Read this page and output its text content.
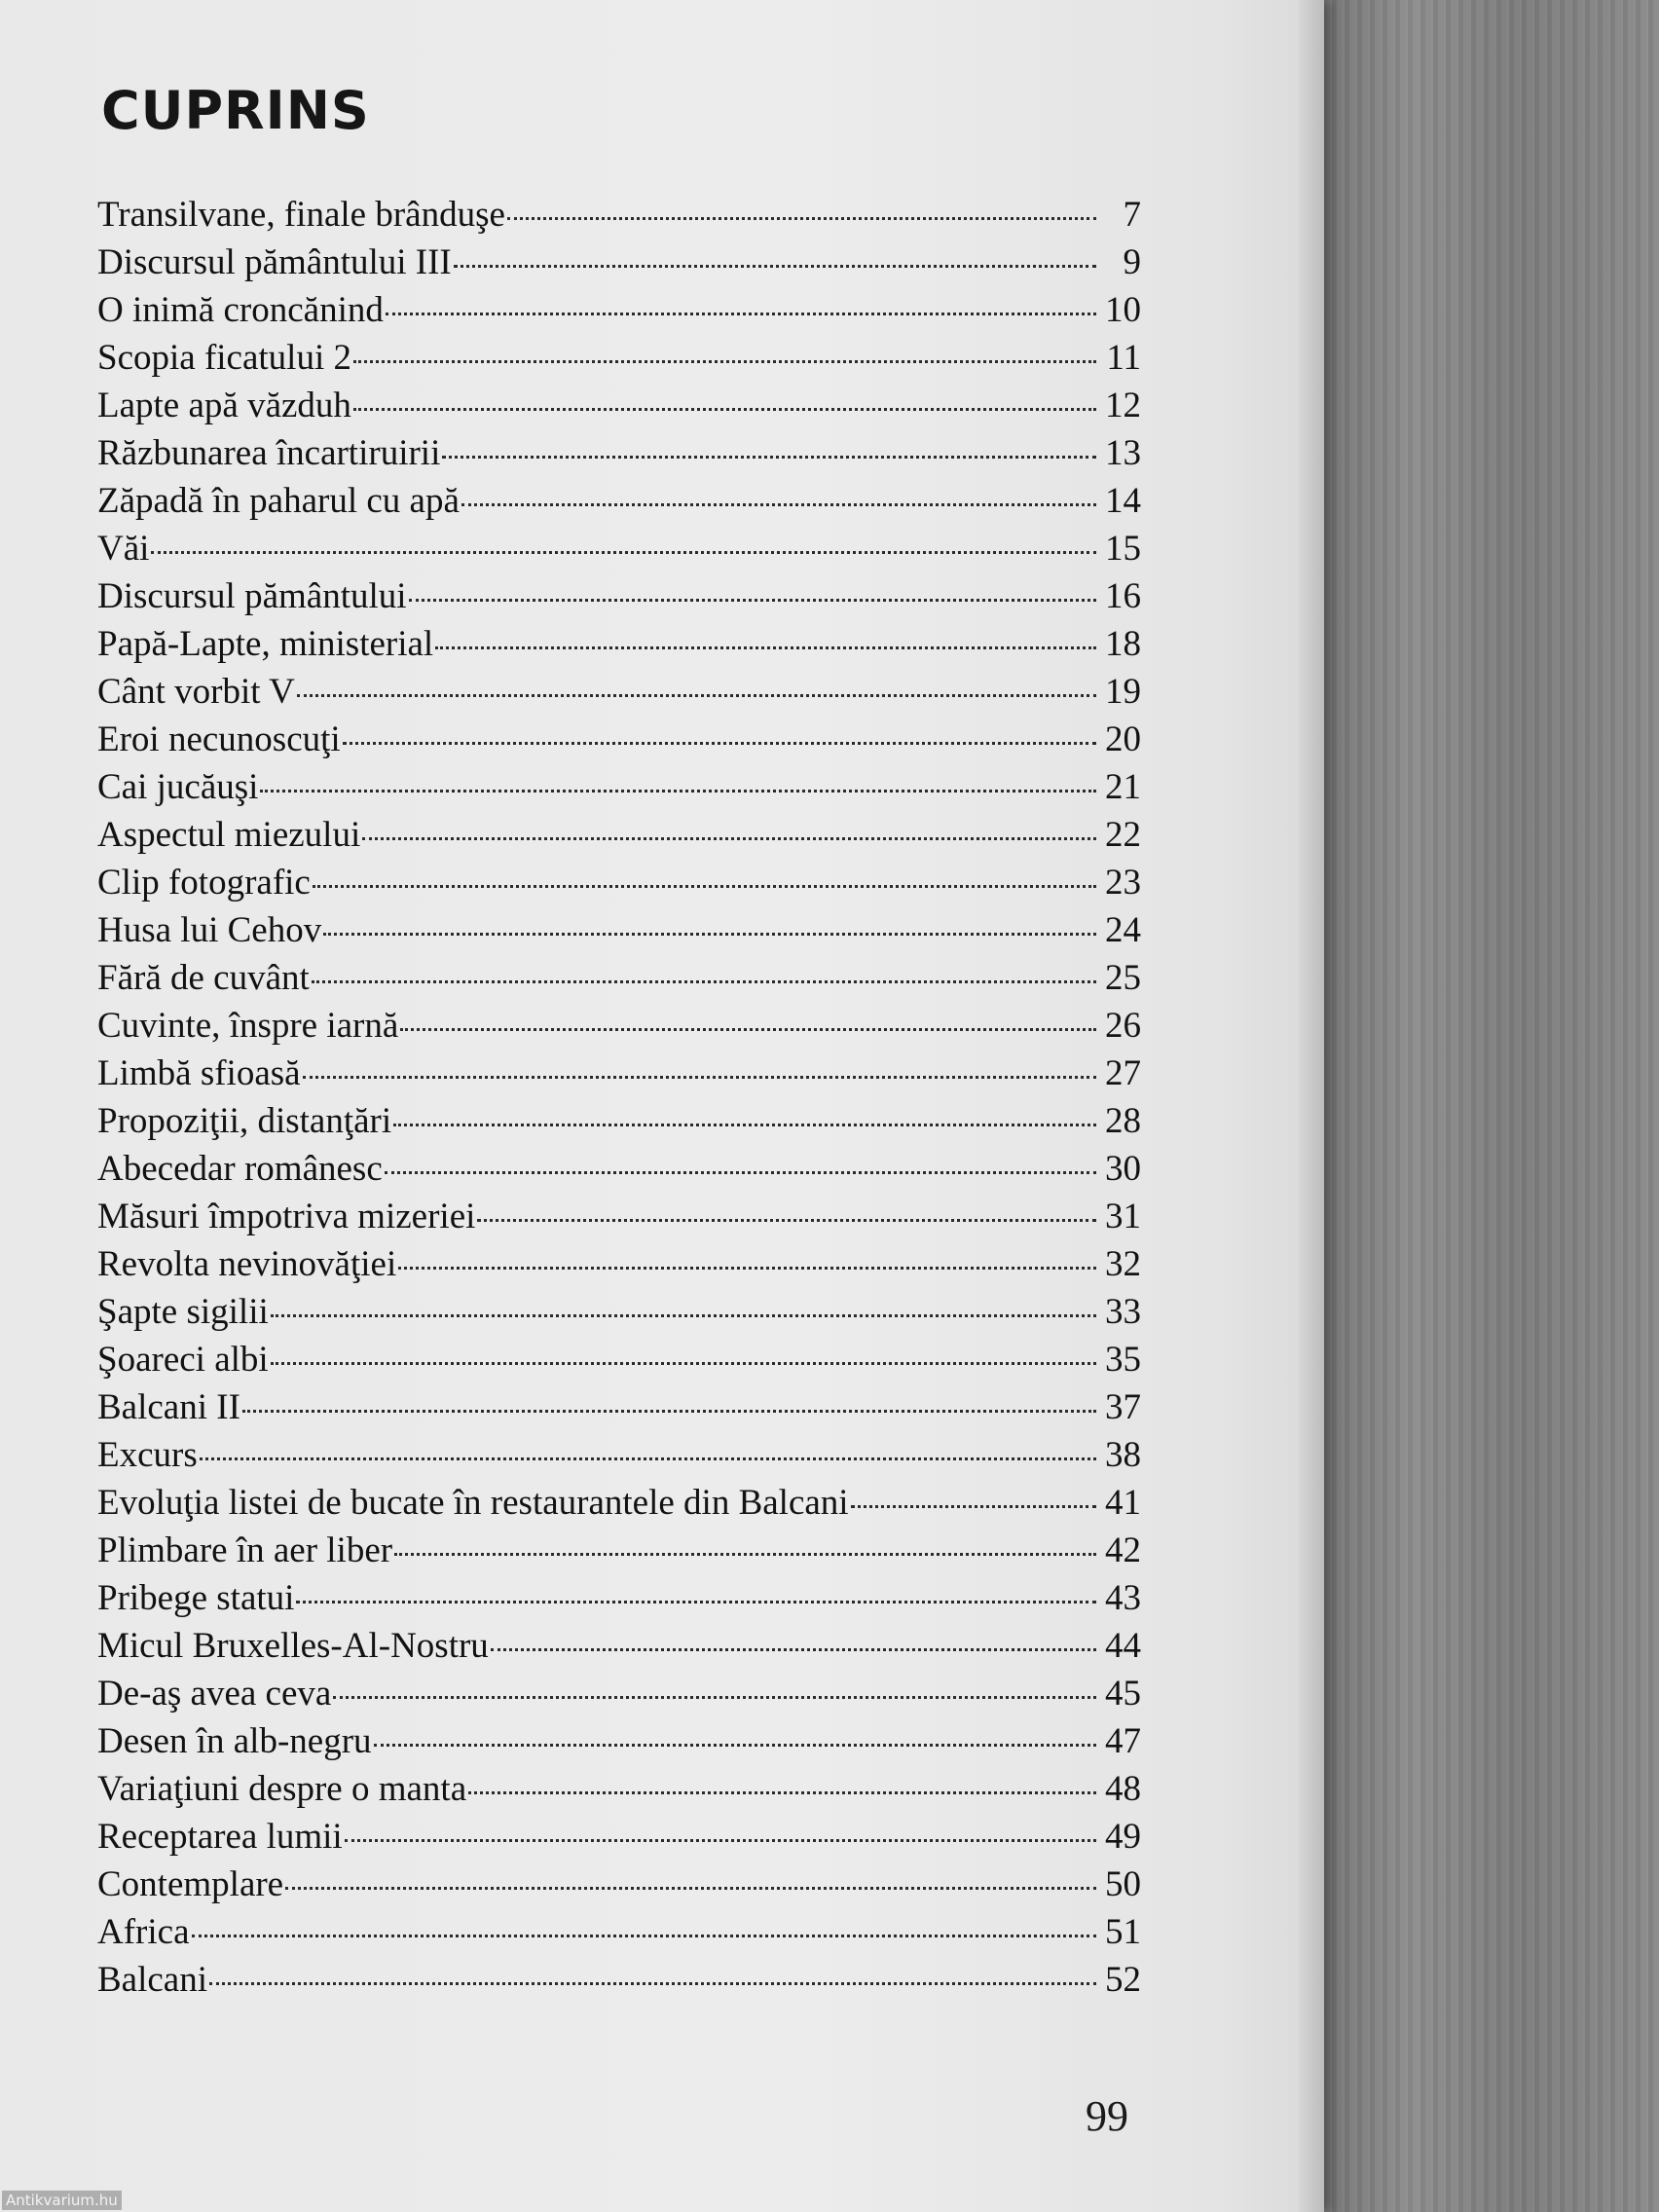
CUPRINS
Transilvane, finale brânduşe	7
Discursul pământului III	9
O inimă croncănind	10
Scopia ficatului 2	11
Lapte apă văzduh	12
Răzbunarea încartiruirii	13
Zăpadă în paharul cu apă	14
Văi	15
Discursul pământului	16
Papă-Lapte, ministerial	18
Cânt vorbit V	19
Eroi necunoscuţi	20
Cai jucăuşi	21
Aspectul miezului	22
Clip fotografic	23
Husa lui Cehov	24
Fără de cuvânt	25
Cuvinte, înspre iarnă	26
Limbă sfioasă	27
Propoziţii, distanţări	28
Abecedar românesc	30
Măsuri împotriva mizeriei	31
Revolta nevinovăţiei	32
Şapte sigilii	33
Şoareci albi	35
Balcani II	37
Excurs	38
Evoluţia listei de bucate în restaurantele din Balcani	41
Plimbare în aer liber	42
Pribege statui	43
Micul Bruxelles-Al-Nostru	44
De-aş avea ceva	45
Desen în alb-negru	47
Variaţiuni despre o manta	48
Receptarea lumii	49
Contemplare	50
Africa	51
Balcani	52
99
Antikvarium.hu
